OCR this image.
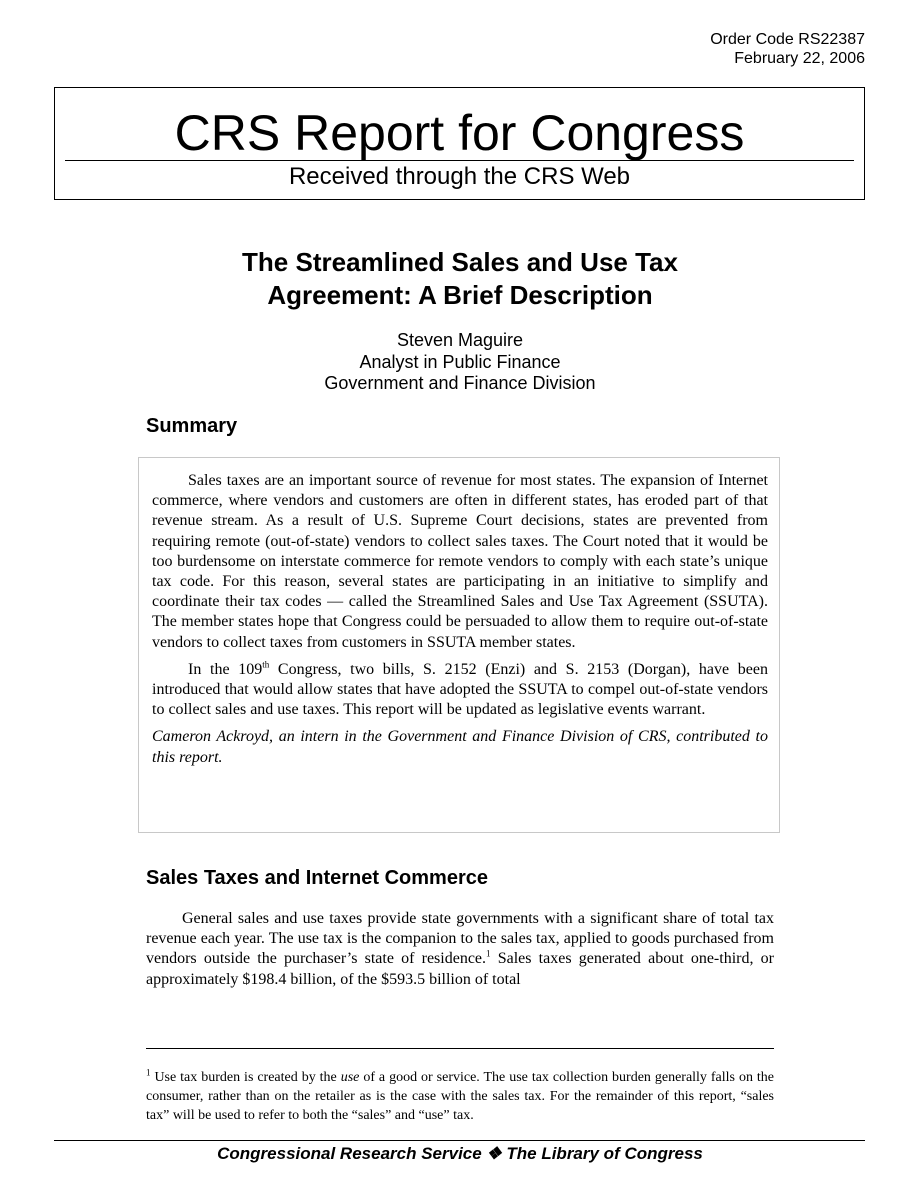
Order Code RS22387
February 22, 2006
CRS Report for Congress
Received through the CRS Web
The Streamlined Sales and Use Tax
Agreement: A Brief Description
Steven Maguire
Analyst in Public Finance
Government and Finance Division
Summary

Sales taxes are an important source of revenue for most states. The expansion of Internet commerce, where vendors and customers are often in different states, has eroded part of that revenue stream. As a result of U.S. Supreme Court decisions, states are prevented from requiring remote (out-of-state) vendors to collect sales taxes. The Court noted that it would be too burdensome on interstate commerce for remote vendors to comply with each state’s unique tax code. For this reason, several states are participating in an initiative to simplify and coordinate their tax codes — called the Streamlined Sales and Use Tax Agreement (SSUTA). The member states hope that Congress could be persuaded to allow them to require out-of-state vendors to collect taxes from customers in SSUTA member states.

In the 109th Congress, two bills, S. 2152 (Enzi) and S. 2153 (Dorgan), have been introduced that would allow states that have adopted the SSUTA to compel out-of-state vendors to collect sales and use taxes. This report will be updated as legislative events warrant.

Cameron Ackroyd, an intern in the Government and Finance Division of CRS, contributed to this report.

Sales Taxes and Internet Commerce

General sales and use taxes provide state governments with a significant share of total tax revenue each year. The use tax is the companion to the sales tax, applied to goods purchased from vendors outside the purchaser’s state of residence.$^1$ Sales taxes generated about one-third, or approximately $198.4 billion, of the $593.5 billion of total

$^1$ Use tax burden is created by the use of a good or service. The use tax collection burden generally falls on the consumer, rather than on the retailer as is the case with the sales tax. For the remainder of this report, “sales tax” will be used to refer to both the “sales” and “use” tax.

Congressional Research Service ❖ The Library of Congress
